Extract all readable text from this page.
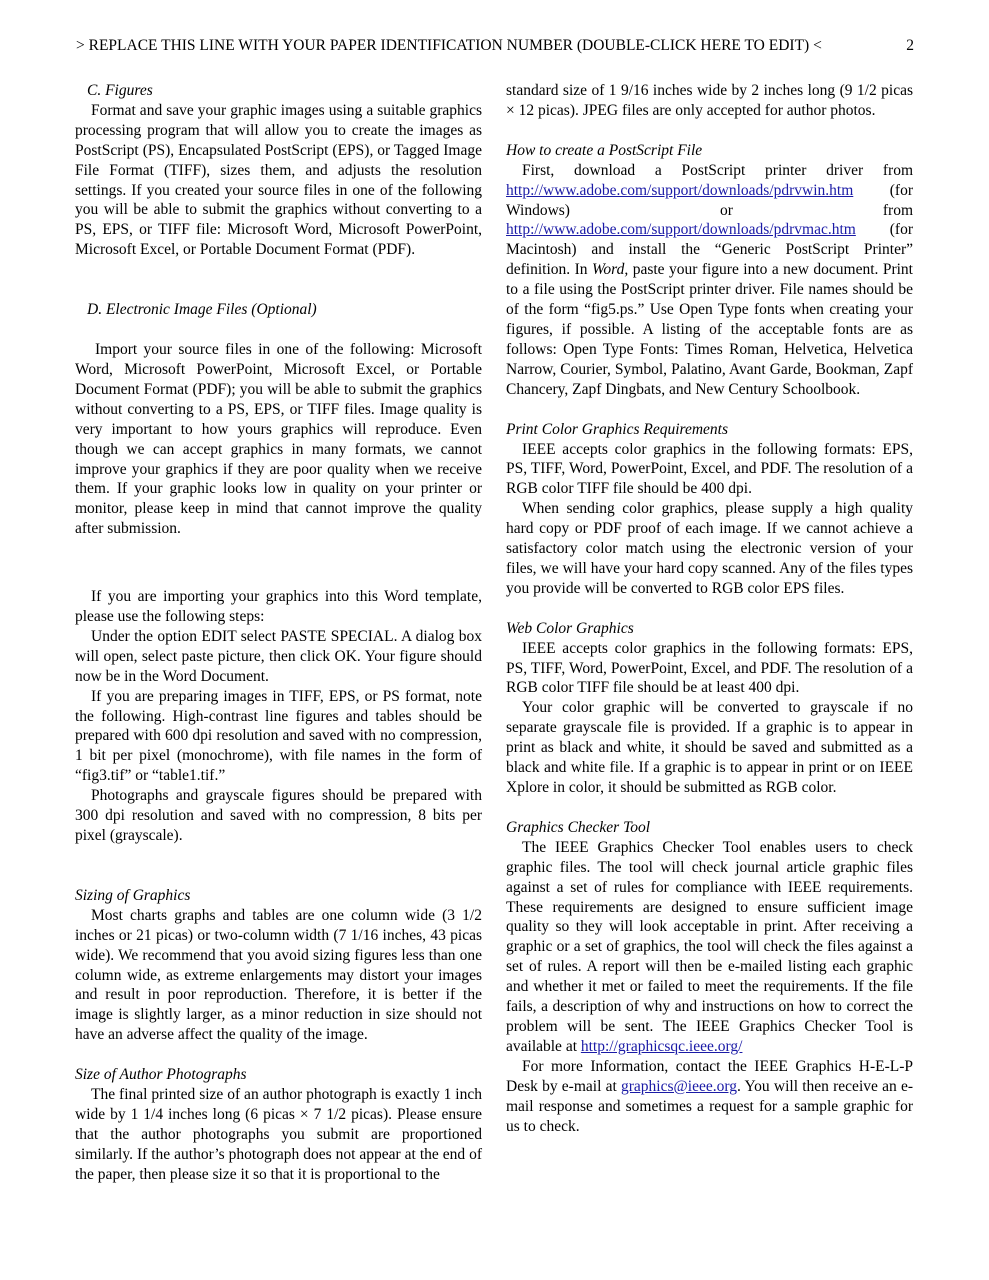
> REPLACE THIS LINE WITH YOUR PAPER IDENTIFICATION NUMBER (DOUBLE-CLICK HERE TO EDIT) <	2

C. Figures

Format and save your graphic images using a suitable graphics processing program that will allow you to create the images as PostScript (PS), Encapsulated PostScript (EPS), or Tagged Image File Format (TIFF), sizes them, and adjusts the resolution settings. If you created your source files in one of the following you will be able to submit the graphics without converting to a PS, EPS, or TIFF file: Microsoft Word, Microsoft PowerPoint, Microsoft Excel, or Portable Document Format (PDF).

D. Electronic Image Files (Optional)

Import your source files in one of the following: Microsoft Word, Microsoft PowerPoint, Microsoft Excel, or Portable Document Format (PDF); you will be able to submit the graphics without converting to a PS, EPS, or TIFF files. Image quality is very important to how yours graphics will reproduce. Even though we can accept graphics in many formats, we cannot improve your graphics if they are poor quality when we receive them. If your graphic looks low in quality on your printer or monitor, please keep in mind that cannot improve the quality after submission.

If you are importing your graphics into this Word template, please use the following steps:

Under the option EDIT select PASTE SPECIAL. A dialog box will open, select paste picture, then click OK. Your figure should now be in the Word Document.

If you are preparing images in TIFF, EPS, or PS format, note the following. High-contrast line figures and tables should be prepared with 600 dpi resolution and saved with no compression, 1 bit per pixel (monochrome), with file names in the form of “fig3.tif” or “table1.tif.”

Photographs and grayscale figures should be prepared with 300 dpi resolution and saved with no compression, 8 bits per pixel (grayscale).

Sizing of Graphics

Most charts graphs and tables are one column wide (3 1/2 inches or 21 picas) or two-column width (7 1/16 inches, 43 picas wide). We recommend that you avoid sizing figures less than one column wide, as extreme enlargements may distort your images and result in poor reproduction. Therefore, it is better if the image is slightly larger, as a minor reduction in size should not have an adverse affect the quality of the image.

Size of Author Photographs

The final printed size of an author photograph is exactly 1 inch wide by 1 1/4 inches long (6 picas × 7 1/2 picas). Please ensure that the author photographs you submit are proportioned similarly. If the author’s photograph does not appear at the end of the paper, then please size it so that it is proportional to the

standard size of 1 9/16 inches wide by 2 inches long (9 1/2 picas × 12 picas). JPEG files are only accepted for author photos.

How to create a PostScript File

First, download a PostScript printer driver from http://www.adobe.com/support/downloads/pdrvwin.htm (for Windows) or from http://www.adobe.com/support/downloads/pdrvmac.htm (for Macintosh) and install the “Generic PostScript Printer” definition. In Word, paste your figure into a new document. Print to a file using the PostScript printer driver. File names should be of the form “fig5.ps.” Use Open Type fonts when creating your figures, if possible. A listing of the acceptable fonts are as follows: Open Type Fonts: Times Roman, Helvetica, Helvetica Narrow, Courier, Symbol, Palatino, Avant Garde, Bookman, Zapf Chancery, Zapf Dingbats, and New Century Schoolbook.

Print Color Graphics Requirements

IEEE accepts color graphics in the following formats: EPS, PS, TIFF, Word, PowerPoint, Excel, and PDF. The resolution of a RGB color TIFF file should be 400 dpi.

When sending color graphics, please supply a high quality hard copy or PDF proof of each image. If we cannot achieve a satisfactory color match using the electronic version of your files, we will have your hard copy scanned. Any of the files types you provide will be converted to RGB color EPS files.

Web Color Graphics

IEEE accepts color graphics in the following formats: EPS, PS, TIFF, Word, PowerPoint, Excel, and PDF. The resolution of a RGB color TIFF file should be at least 400 dpi.

Your color graphic will be converted to grayscale if no separate grayscale file is provided. If a graphic is to appear in print as black and white, it should be saved and submitted as a black and white file. If a graphic is to appear in print or on IEEE Xplore in color, it should be submitted as RGB color.

Graphics Checker Tool

The IEEE Graphics Checker Tool enables users to check graphic files. The tool will check journal article graphic files against a set of rules for compliance with IEEE requirements. These requirements are designed to ensure sufficient image quality so they will look acceptable in print. After receiving a graphic or a set of graphics, the tool will check the files against a set of rules. A report will then be e-mailed listing each graphic and whether it met or failed to meet the requirements. If the file fails, a description of why and instructions on how to correct the problem will be sent. The IEEE Graphics Checker Tool is available at http://graphicsqc.ieee.org/

For more Information, contact the IEEE Graphics H-E-L-P Desk by e-mail at graphics@ieee.org. You will then receive an e-mail response and sometimes a request for a sample graphic for us to check.
